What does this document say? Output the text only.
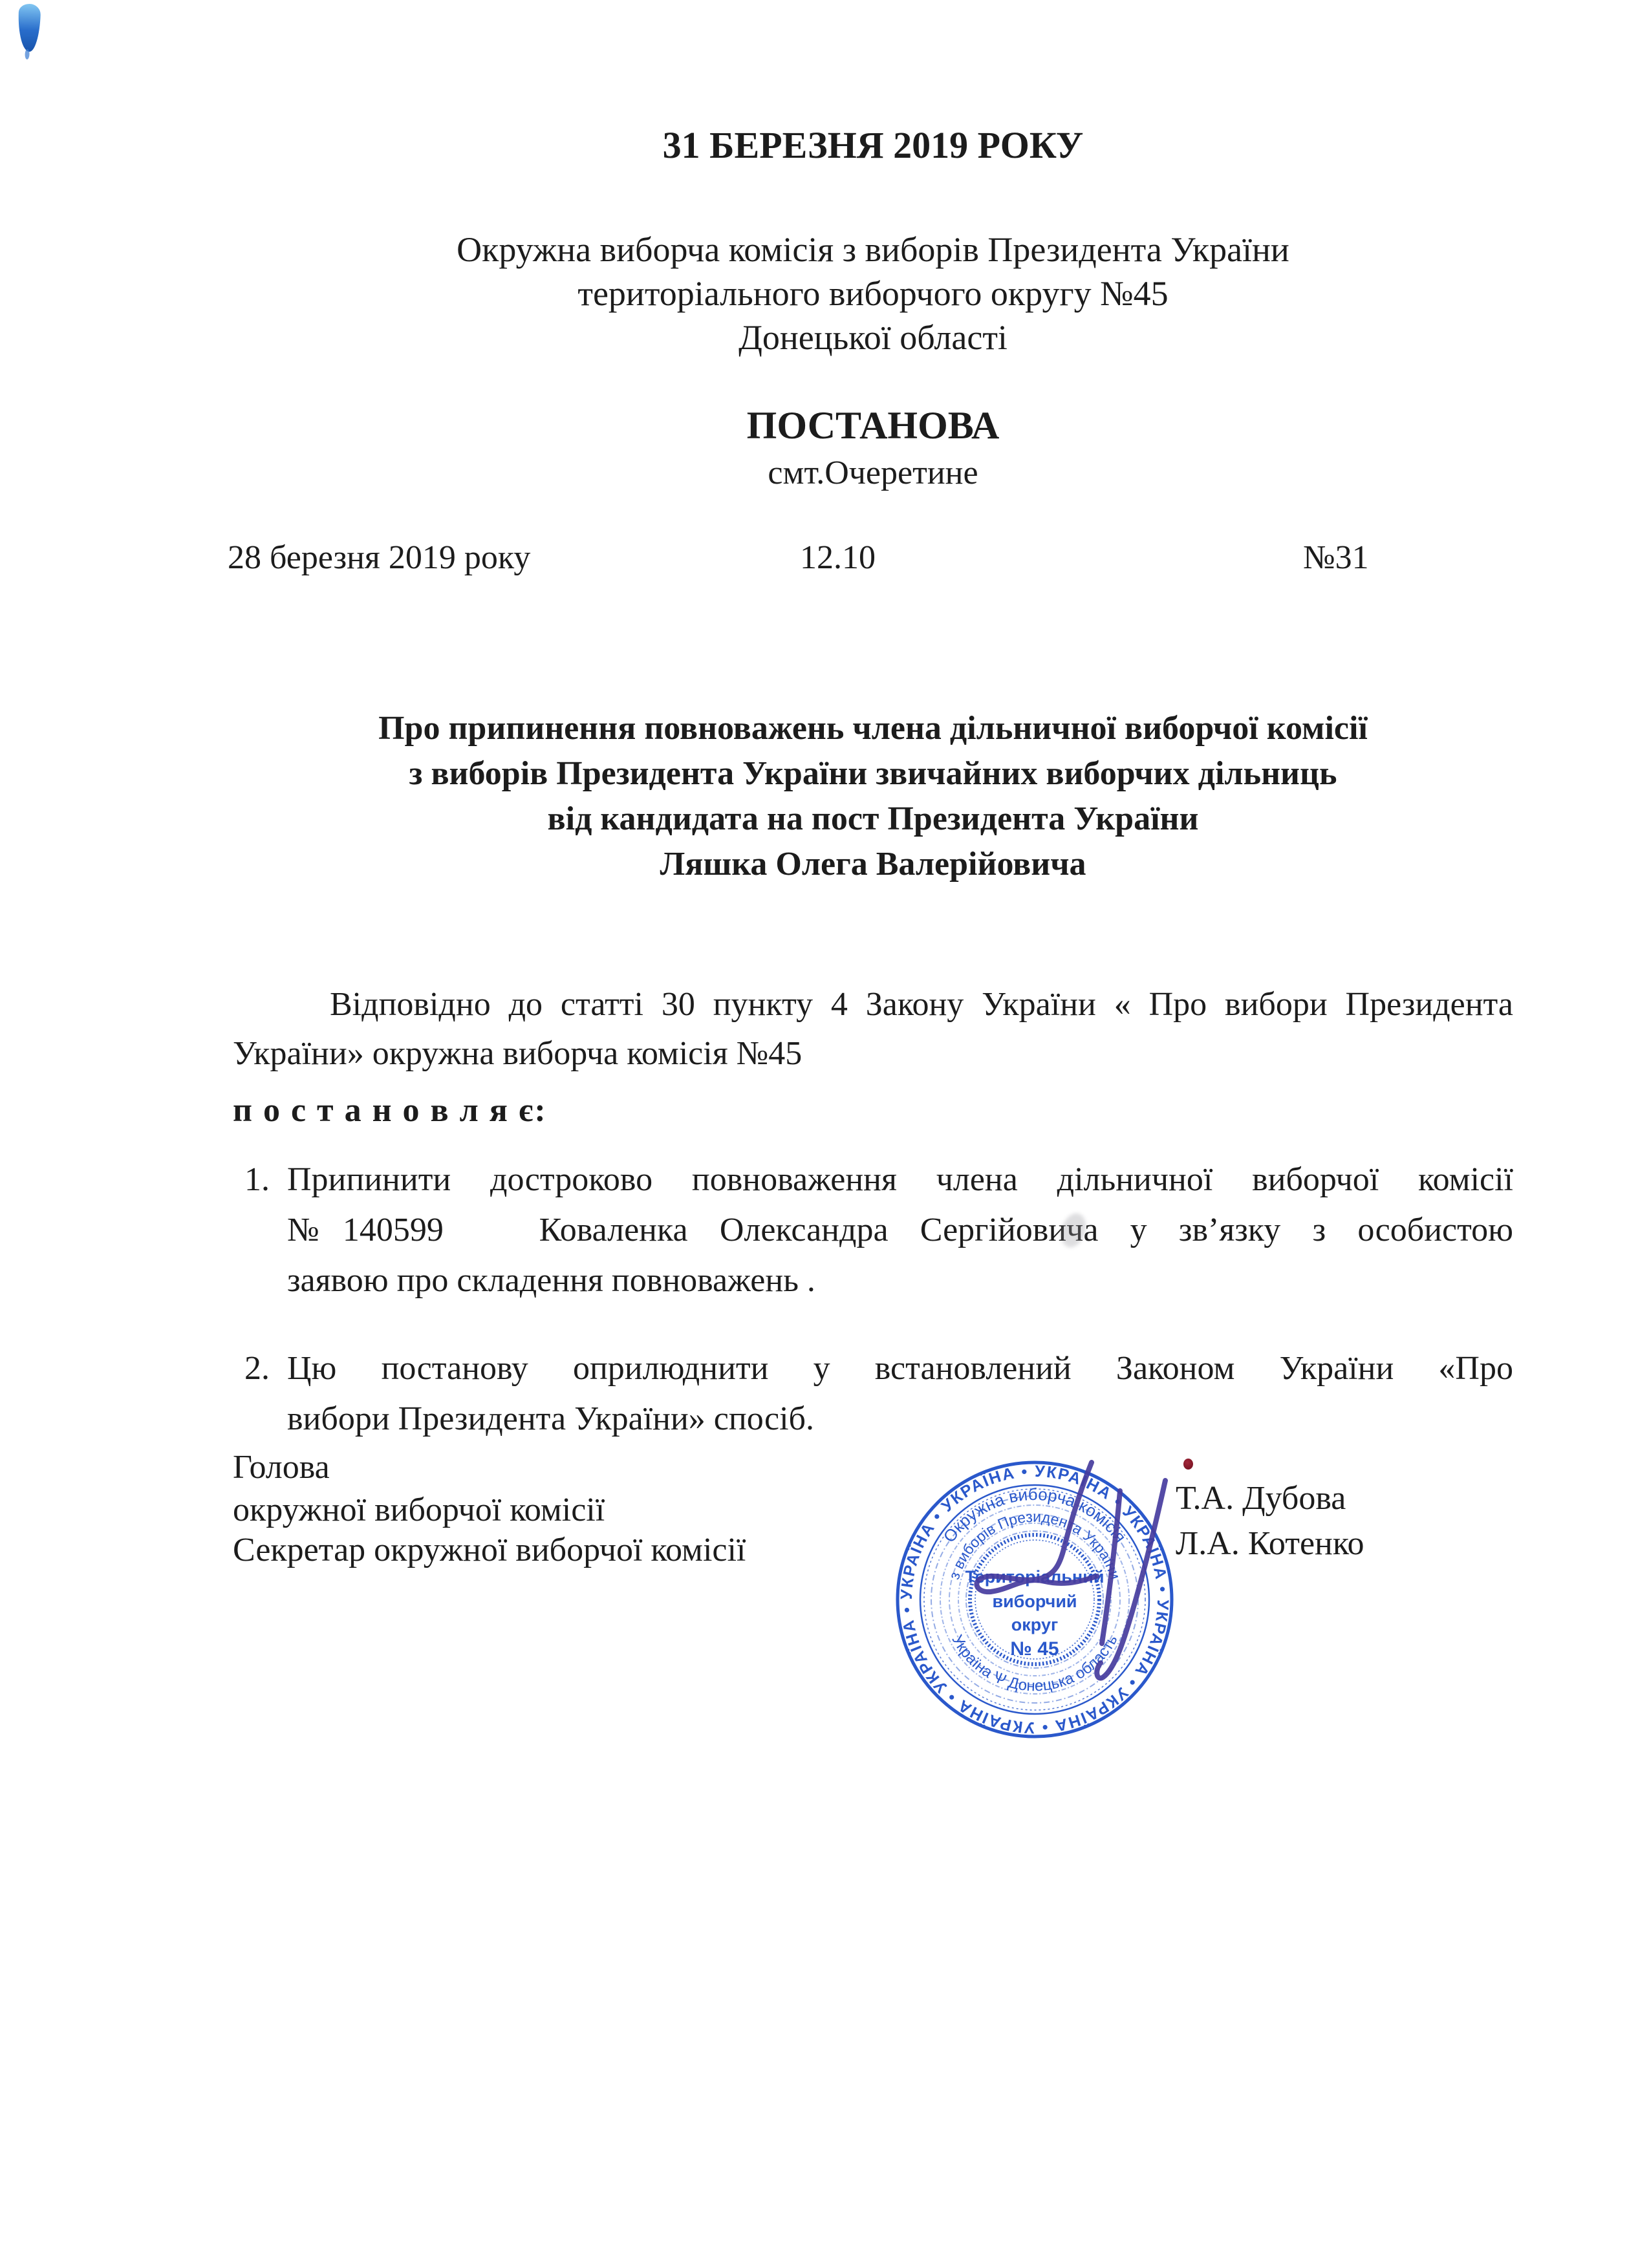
31 БЕРЕЗНЯ 2019 РОКУ
Окружна виборча комісія з виборів Президента України
територіального виборчого округу №45
Донецької області
ПОСТАНОВА
смт.Очеретине
28 березня 2019 року	12.10	№31
Про припинення повноважень члена дільничної виборчої комісії
з виборів Президента України звичайних виборчих дільниць
від кандидата на пост Президента України
Ляшка Олега Валерійовича
Відповідно до статті 30 пункту 4 Закону України « Про вибори Президента
України» окружна виборча комісія №45
п о с т а н о в л я є:
1. Припинити достроково повноваження члена дільничної виборчої комісії
№140599   Коваленка Олександра Сергійовича у зв’язку з особистою
заявою про складення повноважень .
2. Цю постанову оприлюднити у встановлений Законом України «Про
вибори Президента України» спосіб.
Голова
окружної виборчої комісії
Секретар окружної виборчої комісії
Т.А. Дубова
Л.А. Котенко
УКРАЇНА • УКРАЇНА • УКРАЇНА • УКРАЇНА • УКРАЇНА • УКРАЇНА • УКРАЇНА • УКРАЇНА •
Окружна виборча комісія
з виборів Президента України
Україна Ѱ Донецька область
Територіальний
виборчий
округ
№ 45
